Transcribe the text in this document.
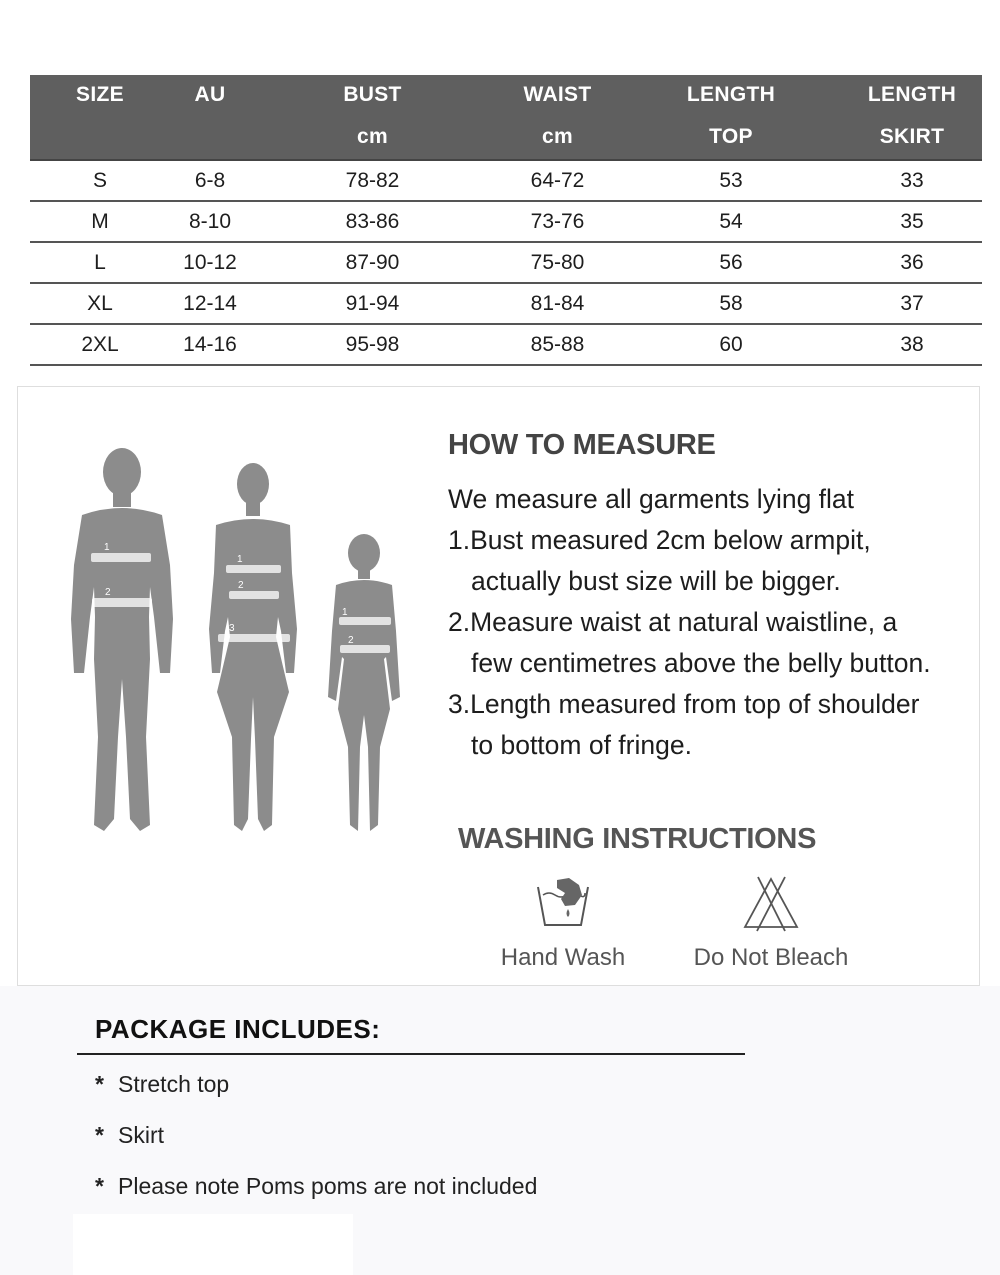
SIZE	AU	BUST	WAIST	LENGTH	LENGTH
		cm	cm	TOP	SKIRT
S	6-8	78-82	64-72	53	33
M	8-10	83-86	73-76	54	35
L	10-12	87-90	75-80	56	36
XL	12-14	91-94	81-84	58	37
2XL	14-16	95-98	85-88	60	38
1
2
1
2
3
1
2
HOW TO MEASURE

We measure all garments lying flat

1.Bust measured 2cm below armpit,

actually bust size will be bigger.

2.Measure waist at natural waistline, a

few centimetres above the belly button.

3.Length measured from top of shoulder

to bottom of fringe.

WASHING INSTRUCTIONS
Hand Wash	Do Not Bleach
PACKAGE INCLUDES:
* Stretch top
* Skirt
* Please note Poms poms are not included
